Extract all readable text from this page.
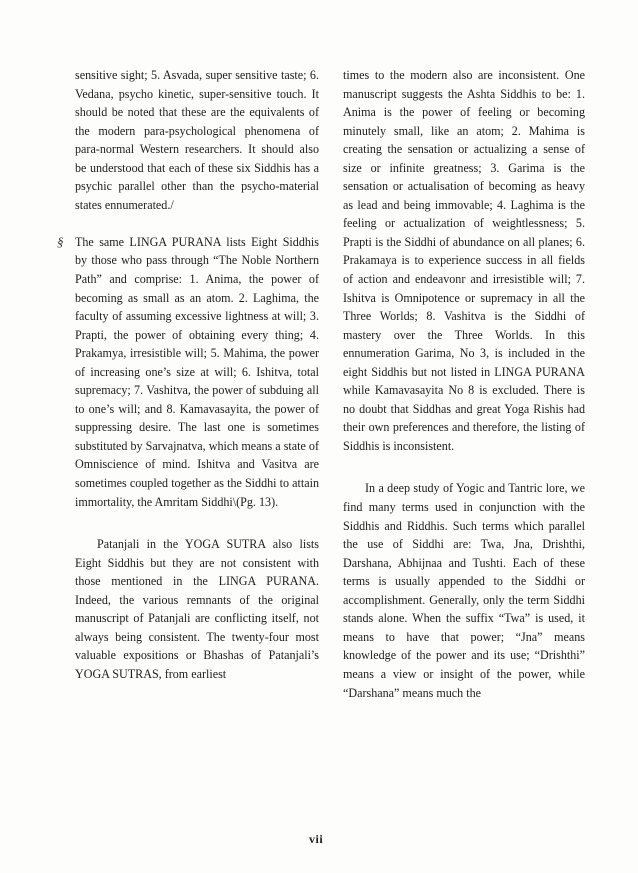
sensitive sight; 5. Asvada, super sensitive taste; 6. Vedana, psycho kinetic, super-sensitive touch. It should be noted that these are the equivalents of the modern para-psychological phenomena of para-normal Western researchers. It should also be understood that each of these six Siddhis has a psychic parallel other than the psycho-material states ennumerated./

§ The same LINGA PURANA lists Eight Siddhis by those who pass through “The Noble Northern Path” and comprise: 1. Anima, the power of becoming as small as an atom. 2. Laghima, the faculty of assuming excessive lightness at will; 3. Prapti, the power of obtaining every thing; 4. Prakamya, irresistible will; 5. Mahima, the power of increasing one’s size at will; 6. Ishitva, total supremacy; 7. Vashitva, the power of subduing all to one’s will; and 8. Kamavasayita, the power of suppressing desire. The last one is sometimes substituted by Sarvajnatva, which means a state of Omniscience of mind. Ishitva and Vasitva are sometimes coupled together as the Siddhi to attain immortality, the Amritam Siddhi\(Pg. 13).

Patanjali in the YOGA SUTRA also lists Eight Siddhis but they are not consistent with those mentioned in the LINGA PURANA. Indeed, the various remnants of the original manuscript of Patanjali are conflicting itself, not always being consistent. The twenty-four most valuable expositions or Bhashas of Patanjali’s YOGA SUTRAS, from earliest

times to the modern also are inconsistent. One manuscript suggests the Ashta Siddhis to be: 1. Anima is the power of feeling or becoming minutely small, like an atom; 2. Mahima is creating the sensation or actualizing a sense of size or infinite greatness; 3. Garima is the sensation or actualisation of becoming as heavy as lead and being immovable; 4. Laghima is the feeling or actualization of weightlessness; 5. Prapti is the Siddhi of abundance on all planes; 6. Prakamaya is to experience success in all fields of action and endeavonr and irresistible will; 7. Ishitva is Omnipotence or supremacy in all the Three Worlds; 8. Vashitva is the Siddhi of mastery over the Three Worlds. In this ennumeration Garima, No 3, is included in the eight Siddhis but not listed in LINGA PURANA while Kamavasayita No 8 is excluded. There is no doubt that Siddhas and great Yoga Rishis had their own preferences and therefore, the listing of Siddhis is inconsistent.

In a deep study of Yogic and Tantric lore, we find many terms used in conjunction with the Siddhis and Riddhis. Such terms which parallel the use of Siddhi are: Twa, Jna, Drishthi, Darshana, Abhijnaa and Tushti. Each of these terms is usually appended to the Siddhi or accomplishment. Generally, only the term Siddhi stands alone. When the suffix “Twa” is used, it means to have that power; “Jna” means knowledge of the power and its use; “Drishthi” means a view or insight of the power, while “Darshana” means much the

vii
